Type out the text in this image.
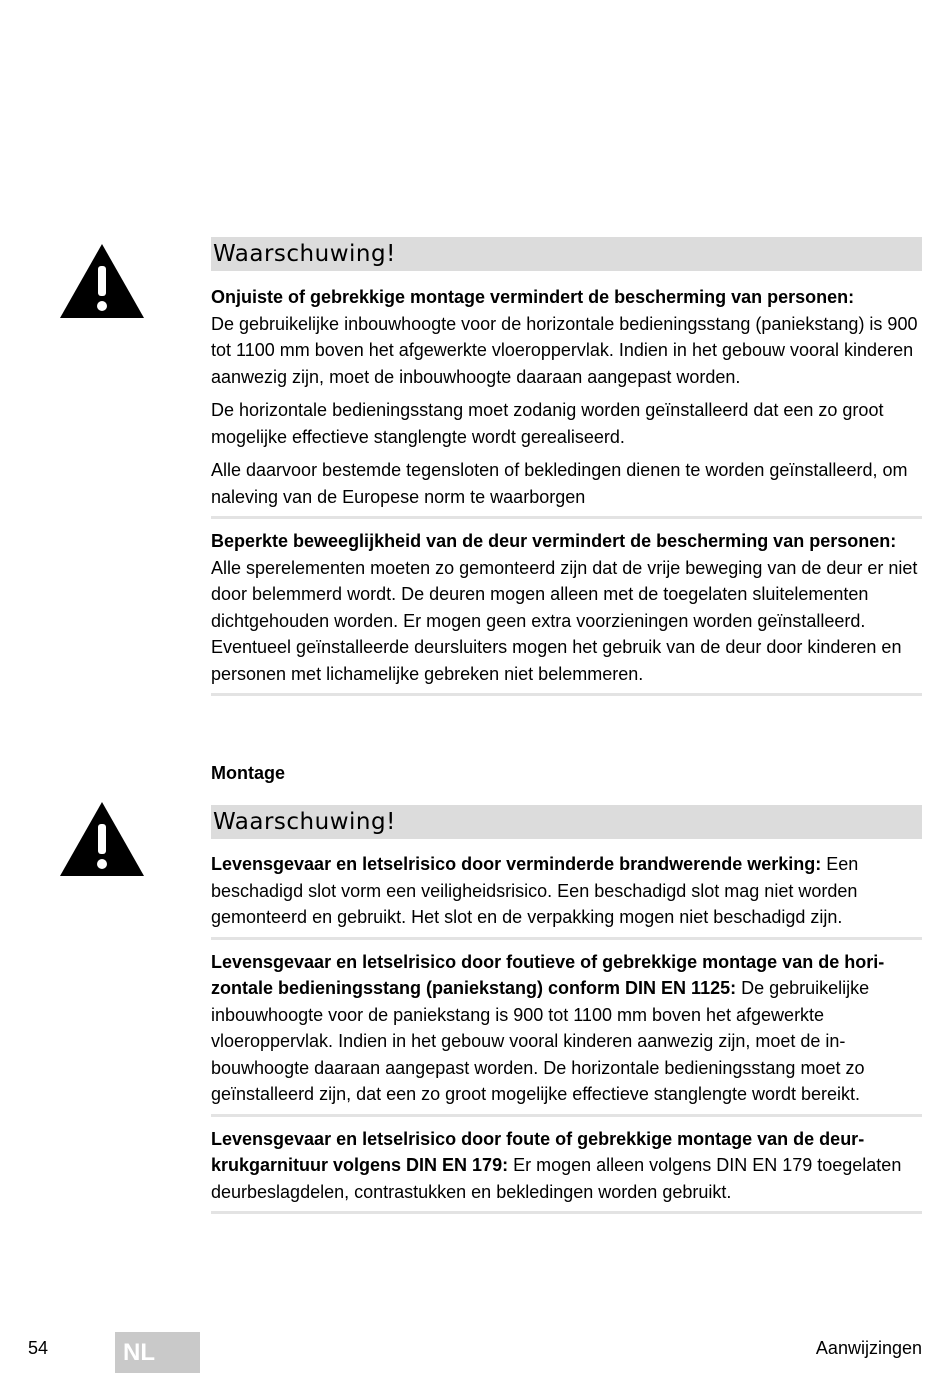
Waarschuwing!

Onjuiste of gebrekkige montage vermindert de bescherming van personen:
De gebruikelijke inbouwhoogte voor de horizontale bedieningsstang (paniekstang) is 900 tot 1100 mm boven het afgewerkte vloeroppervlak. Indien in het gebouw vooral kinderen aanwezig zijn, moet de inbouwhoogte daaraan aangepast worden.

De horizontale bedieningsstang moet zodanig worden geïnstalleerd dat een zo groot mogelijke effectieve stanglengte wordt gerealiseerd.

Alle daarvoor bestemde tegensloten of bekledingen dienen te worden geïnstalleerd, om naleving van de Europese norm te waarborgen

Beperkte beweeglijkheid van de deur vermindert de bescherming van personen: Alle sperelementen moeten zo gemonteerd zijn dat de vrije beweging van de deur er niet door belemmerd wordt. De deuren mogen alleen met de toegelaten sluitelementen dichtgehouden worden. Er mogen geen extra voorzieningen worden geïnstalleerd. Eventueel geïnstalleerde deursluiters mogen het gebruik van de deur door kinderen en personen met lichamelijke gebreken niet belemmeren.

Montage
Waarschuwing!

Levensgevaar en letselrisico door verminderde brandwerende werking: Een beschadigd slot vorm een veiligheidsrisico. Een beschadigd slot mag niet worden gemonteerd en gebruikt. Het slot en de verpakking mogen niet beschadigd zijn.

Levensgevaar en letselrisico door foutieve of gebrekkige montage van de horizontale bedieningsstang (paniekstang) conform DIN EN 1125: De gebruikelijke inbouwhoogte voor de paniekstang is 900 tot 1100 mm boven het afgewerkte vloeroppervlak. Indien in het gebouw vooral kinderen aanwezig zijn, moet de inbouwhoogte daaraan aangepast worden. De horizontale bedieningsstang moet zo geïnstalleerd zijn, dat een zo groot mogelijke effectieve stanglengte wordt bereikt.

Levensgevaar en letselrisico door foute of gebrekkige montage van de deurkrukgarnituur volgens DIN EN 179: Er mogen alleen volgens DIN EN 179 toegelaten deurbeslagdelen, contrastukken en bekledingen worden gebruikt.

54	NL	Aanwijzingen
